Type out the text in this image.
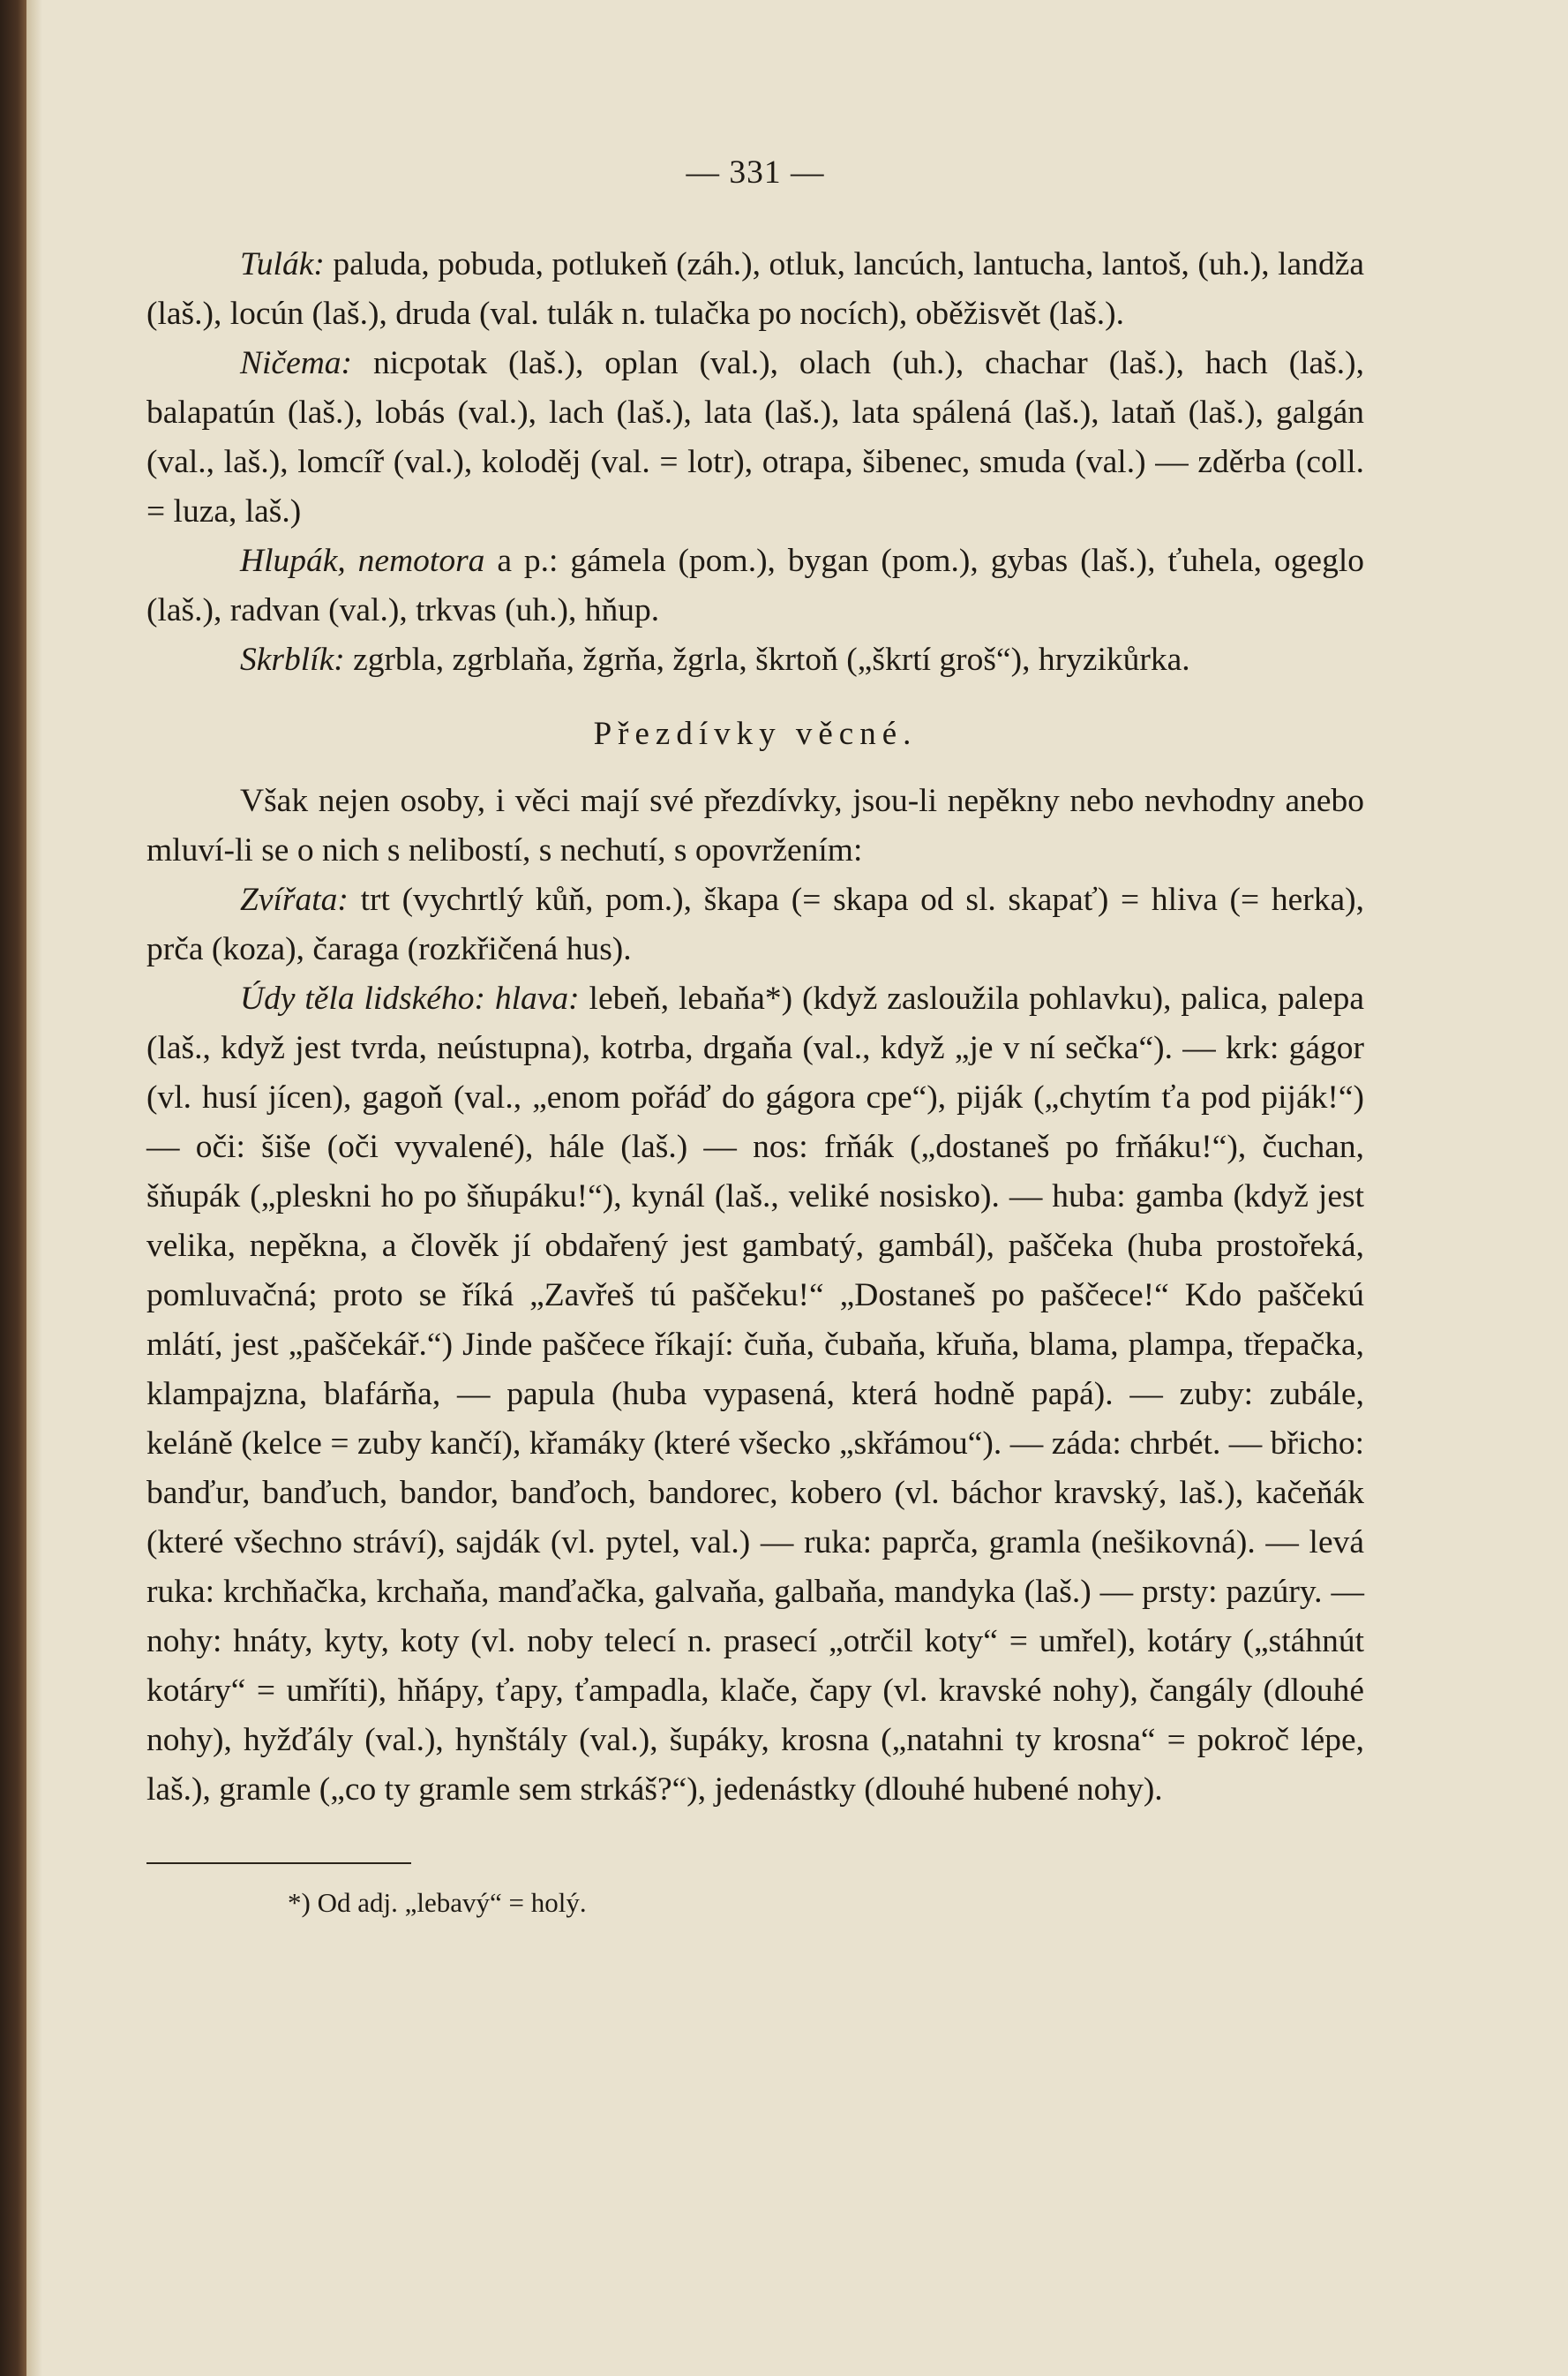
— 331 —

Tulák: paluda, pobuda, potlukeň (záh.), otluk, lancúch, lantucha, lantoš, (uh.), landža (laš.), locún (laš.), druda (val. tulák n. tulačka po nocích), oběžisvět (laš.).

Ničema: nicpotak (laš.), oplan (val.), olach (uh.), chachar (laš.), hach (laš.), balapatún (laš.), lobás (val.), lach (laš.), lata (laš.), lata spálená (laš.), lataň (laš.), galgán (val., laš.), lomcíř (val.), koloděj (val. = lotr), otrapa, šibenec, smuda (val.) — zděrba (coll. = luza, laš.)

Hlupák, nemotora a p.: gámela (pom.), bygan (pom.), gybas (laš.), ťuhela, ogeglo (laš.), radvan (val.), trkvas (uh.), hňup.

Skrblík: zgrbla, zgrblaňa, žgrňa, žgrla, škrtoň („škrtí groš“), hryzikůrka.

Přezdívky věcné.

Však nejen osoby, i věci mají své přezdívky, jsou-li nepěkny nebo nevhodny anebo mluví-li se o nich s nelibostí, s nechutí, s opovržením:

Zvířata: trt (vychrtlý kůň, pom.), škapa (= skapa od sl. skapať) = hliva (= herka), prča (koza), čaraga (rozkřičená hus).

Údy těla lidského: hlava: lebeň, lebaňa*) (když zasloužila pohlavku), palica, palepa (laš., když jest tvrda, neústupna), kotrba, drgaňa (val., když „je v ní sečka“). — krk: gágor (vl. husí jícen), gagoň (val., „enom pořáď do gágora cpe“), piják („chytím ťa pod piják!“) — oči: šiše (oči vyvalené), hále (laš.) — nos: frňák („dostaneš po frňáku!“), čuchan, šňupák („pleskni ho po šňupáku!“), kynál (laš., veliké nosisko). — huba: gamba (když jest velika, nepěkna, a člověk jí obdařený jest gambatý, gambál), paščeka (huba prostořeká, pomluvačná; proto se říká „Zavřeš tú paščeku!“ „Dostaneš po paščece!“ Kdo paščekú mlátí, jest „paščekář.“) Jinde paščece říkají: čuňa, čubaňa, křuňa, blama, plampa, třepačka, klampajzna, blafárňa, — papula (huba vypasená, která hodně papá). — zuby: zubále, keláně (kelce = zuby kančí), křamáky (které všecko „skřámou“). — záda: chrbét. — břicho: banďur, banďuch, bandor, banďoch, bandorec, kobero (vl. báchor kravský, laš.), kačeňák (které všechno stráví), sajdák (vl. pytel, val.) — ruka: paprča, gramla (nešikovná). — levá ruka: krchňačka, krchaňa, manďačka, galvaňa, galbaňa, mandyka (laš.) — prsty: pazúry. — nohy: hnáty, kyty, koty (vl. noby telecí n. prasecí „otrčil koty“ = umřel), kotáry („stáhnút kotáry“ = umříti), hňápy, ťapy, ťampadla, klače, čapy (vl. kravské nohy), čangály (dlouhé nohy), hyžďály (val.), hynštály (val.), šupáky, krosna („natahni ty krosna“ = pokroč lépe, laš.), gramle („co ty gramle sem strkáš?“), jedenástky (dlouhé hubené nohy).

*) Od adj. „lebavý“ = holý.
